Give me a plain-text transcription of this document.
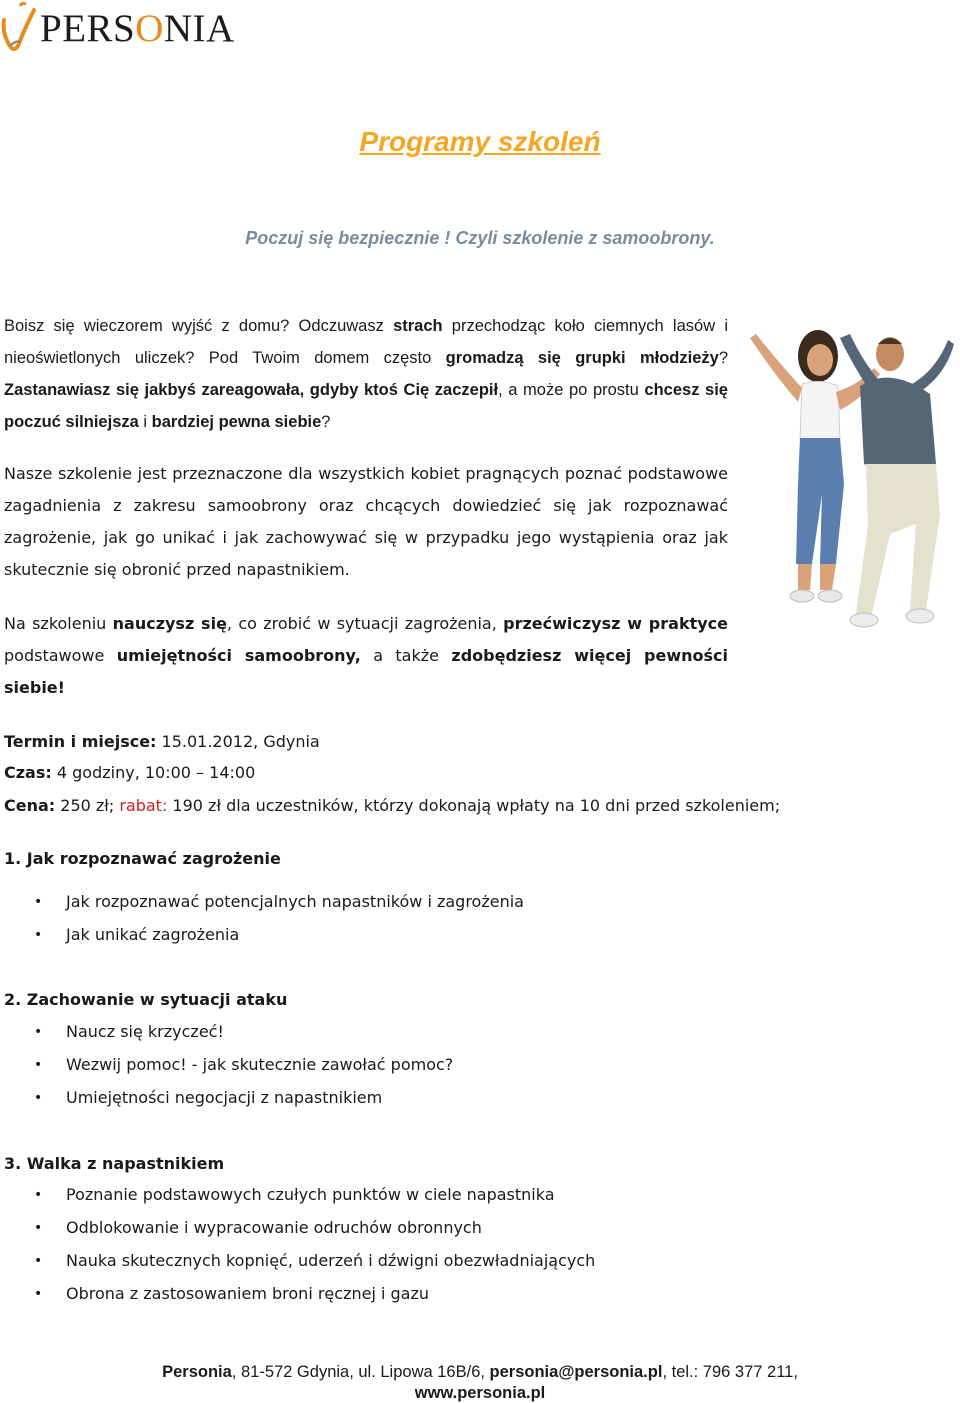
PERSONIA
Programy szkoleń
Poczuj się bezpiecznie ! Czyli szkolenie z samoobrony.

Boisz się wieczorem wyjść z domu? Odczuwasz strach przechodząc koło ciemnych lasów i nieoświetlonych uliczek? Pod Twoim domem często gromadzą się grupki młodzieży? Zastanawiasz się jakbyś zareagowała, gdyby ktoś Cię zaczepił, a może po prostu chcesz się poczuć silniejsza i bardziej pewna siebie?

Nasze szkolenie jest przeznaczone dla wszystkich kobiet pragnących poznać podstawowe zagadnienia z zakresu samoobrony oraz chcących dowiedzieć się jak rozpoznawać zagrożenie, jak go unikać i jak zachowywać się w przypadku jego wystąpienia oraz jak skutecznie się obronić przed napastnikiem.

Na szkoleniu nauczysz się, co zrobić w sytuacji zagrożenia, przećwiczysz w praktyce podstawowe umiejętności samoobrony, a także zdobędziesz więcej pewności siebie!

Termin i miejsce: 15.01.2012, Gdynia
Czas: 4 godziny, 10:00 – 14:00
Cena: 250 zł; rabat: 190 zł dla uczestników, którzy dokonają wpłaty na 10 dni przed szkoleniem;
1. Jak rozpoznawać zagrożenie
• Jak rozpoznawać potencjalnych napastników i zagrożenia
• Jak unikać zagrożenia
2. Zachowanie w sytuacji ataku
• Naucz się krzyczeć!
• Wezwij pomoc! - jak skutecznie zawołać pomoc?
• Umiejętności negocjacji z napastnikiem
3. Walka z napastnikiem
• Poznanie podstawowych czułych punktów w ciele napastnika
• Odblokowanie i wypracowanie odruchów obronnych
• Nauka skutecznych kopnięć, uderzeń i dźwigni obezwładniających
• Obrona z zastosowaniem broni ręcznej i gazu
Personia, 81-572 Gdynia, ul. Lipowa 16B/6, personia@personia.pl, tel.: 796 377 211,
www.personia.pl
